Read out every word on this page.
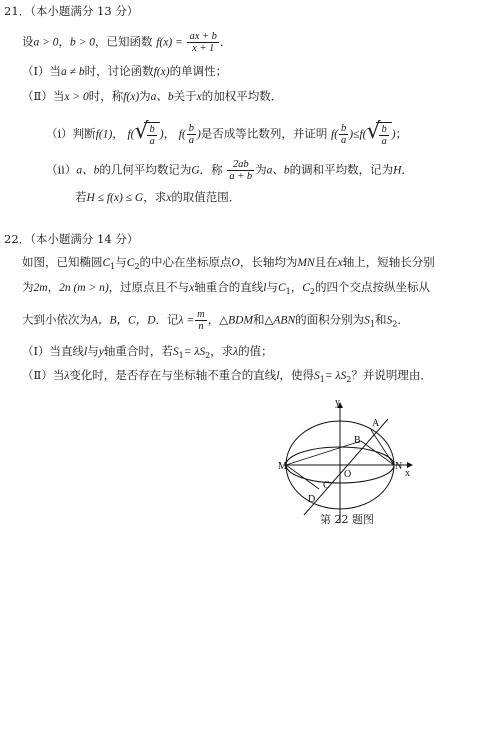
21．（本小题满分 13 分）
设a > 0，b > 0，已知函数 $f(x) = \frac{ax + b}{x + 1}$ ．
（Ⅰ）当a ≠ b时，讨论函数f(x)的单调性；
（Ⅱ）当x > 0时，称f(x)为a、b关于x的加权平均数．
（i）判断f(1)， f( √
$\frac{b}{a}$ )， $f( \frac{b}{a}$ )是否成等比数列，并证明 $f( \frac{b}{a} )\le f$( √
$\frac{b}{a}$ )；
（ii）a、b的几何平均数记为G．称 $\frac{2ab}{a + b}$ 为a、b的调和平均数，记为H．
若H ≤ f(x) ≤ G，求x的取值范围．
22．（本小题满分 14 分）
如图，已知椭圆$C_1$与$C_2$的中心在坐标原点O，长轴均为MN且在x轴上，短轴长分别
为2m，2n (m > n)，过原点且不与x轴重合的直线l与$C_1$，$C_2$的四个交点按纵坐标从
大到小依次为A，B，C，D．记$\lambda = \frac{m}{n}$ ，△BDM和△ABN的面积分别为$S_1$和$S_2$．
（Ⅰ）当直线l与y轴重合时，若$S_1= \lambda S_2$，求λ的值；
（Ⅱ）当λ变化时，是否存在与坐标轴不重合的直线l，使得$S_1= \lambda S_2$？并说明理由．
y
x
A
B
O
M	N
C
D
第 22 题图
